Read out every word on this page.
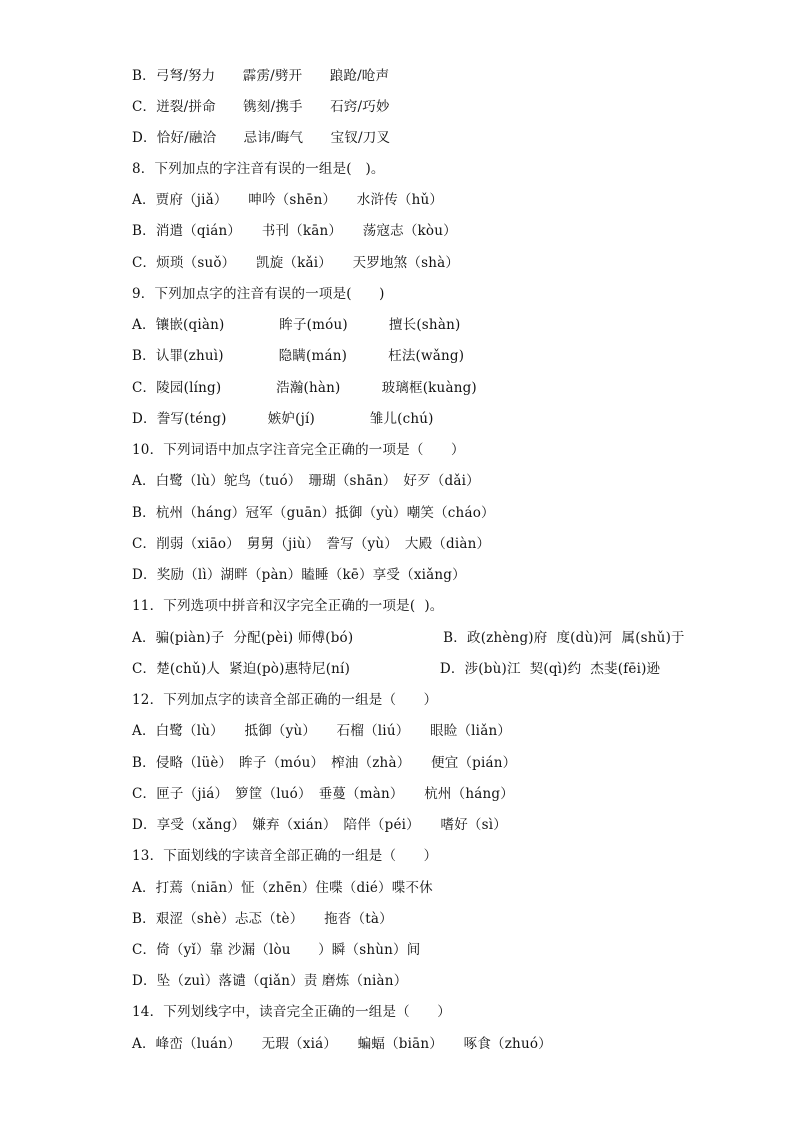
B．弓弩/努力　　霹雳/劈开　　踉跄/呛声
C．迸裂/拼命　　镌刻/携手　　石窍/巧妙
D．恰好/融洽　　忌讳/晦气　　宝钗/刀叉
8．下列加点的字注音有误的一组是(　)。
A．贾府（jiǎ）　　呻吟（shēn）　　水浒传（hǔ）
B．消遣（qián）　　书刊（kān）　　荡寇志（kòu）
C．烦琐（suǒ）　　凯旋（kǎi）　　天罗地煞（shà）
9．下列加点字的注音有误的一项是(　　)
A．镶嵌(qiàn)　　　　眸子(móu)　　　擅长(shàn)
B．认罪(zhuì)　　　　隐瞒(mán)　　　枉法(wǎng)
C．陵园(líng)　　　　浩瀚(hàn)　　　玻璃框(kuàng)
D．誊写(téng)　　　嫉妒(jí)　　　　雏儿(chú)
10．下列词语中加点字注音完全正确的一项是（　　）
A．白鹭（lù）鸵鸟（tuó）　珊瑚（shān）　好歹（dǎi）
B．杭州（háng）冠军（guān）抵御（yù）嘲笑（cháo）
C．削弱（xiāo）　舅舅（jiù）　誊写（yù）　大殿（diàn）
D．奖励（lì）湖畔（pàn）瞌睡（kē）享受（xiǎng）
11．下列选项中拼音和汉字完全正确的一项是(  )。
A．骗(piàn)子  分配(pèi) 师傅(bó)                    B．政(zhèng)府  度(dù)河  属(shǔ)于
C．楚(chǔ)人  紧迫(pò)惠特尼(ní)                    D．涉(bù)江  契(qì)约  杰斐(fēi)逊
12．下列加点字的读音全部正确的一组是（　　）
A．白鹭（lù）　　抵御（yù）　　石榴（liú）　　眼睑（liǎn）
B．侵略（lüè）　眸子（móu）　榨油（zhà）　　便宜（pián）
C．匣子（jiá）　箩筐（luó）　垂蔓（màn）　　杭州（háng）
D．享受（xǎng）　嫌弃（xián）　陪伴（péi）　　嗜好（sì）
13．下面划线的字读音全部正确的一组是（　　）
A．打蔫（niān）怔（zhēn）住喋（dié）喋不休
B．艰涩（shè）忐忑（tè）　　拖沓（tà）
C．倚（yǐ）靠 沙漏（lòu　　）瞬（shùn）间
D．坠（zuì）落谴（qiǎn）责 磨炼（niàn）
14．下列划线字中，读音完全正确的一组是（　　）
A．峰峦（luán）　　无瑕（xiá）　　蝙蝠（biān）　　啄食（zhuó）
